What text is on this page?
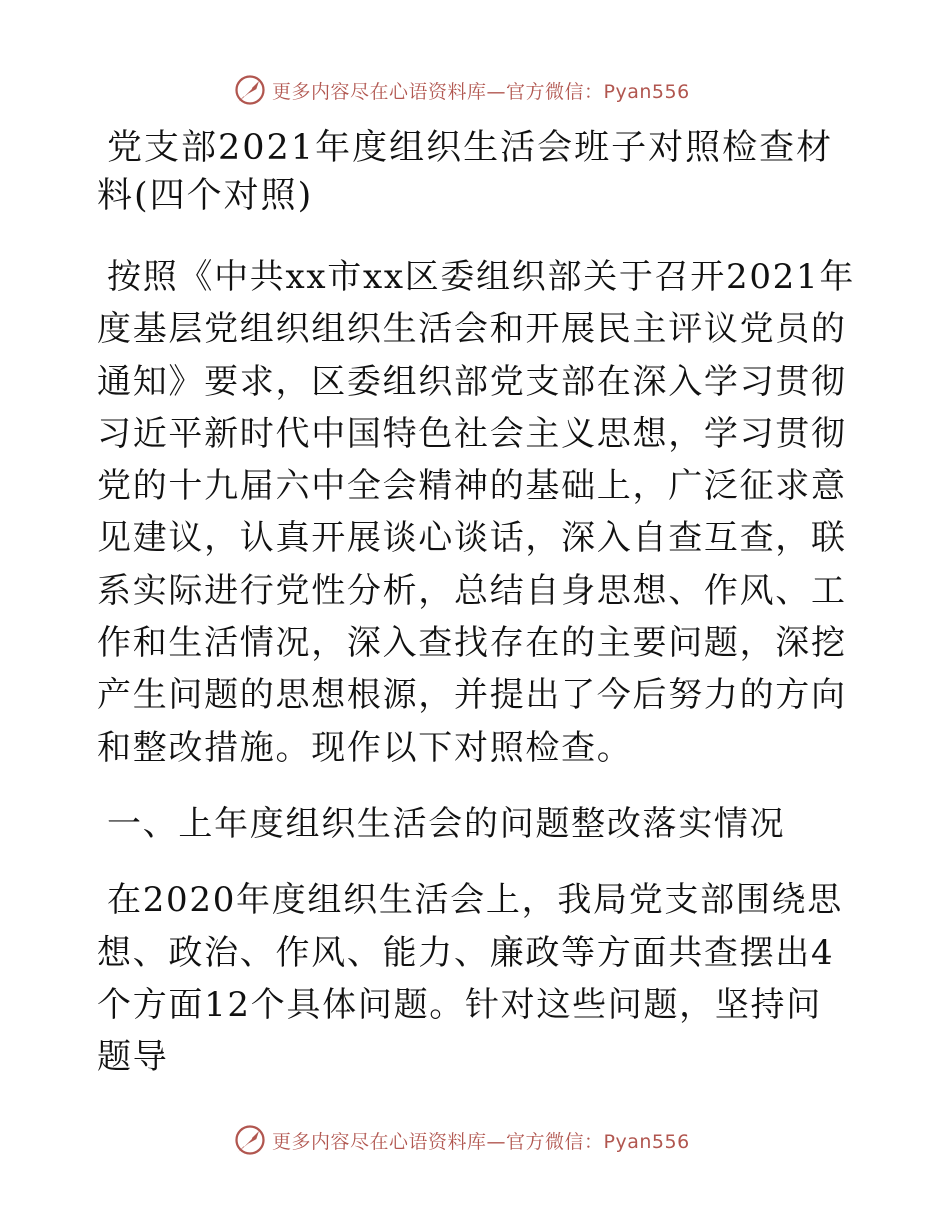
更多内容尽在心语资料库—官方微信：Pyan556
党支部2021年度组织生活会班子对照检查材料(四个对照)

按照《中共xx市xx区委组织部关于召开2021年度基层党组织组织生活会和开展民主评议党员的通知》要求，区委组织部党支部在深入学习贯彻习近平新时代中国特色社会主义思想，学习贯彻党的十九届六中全会精神的基础上，广泛征求意见建议，认真开展谈心谈话，深入自查互查，联系实际进行党性分析，总结自身思想、作风、工作和生活情况，深入查找存在的主要问题，深挖产生问题的思想根源，并提出了今后努力的方向和整改措施。现作以下对照检查。

一、上年度组织生活会的问题整改落实情况

在2020年度组织生活会上，我局党支部围绕思想、政治、作风、能力、廉政等方面共查摆出4个方面12个具体问题。针对这些问题，坚持问题导

更多内容尽在心语资料库—官方微信：Pyan556
